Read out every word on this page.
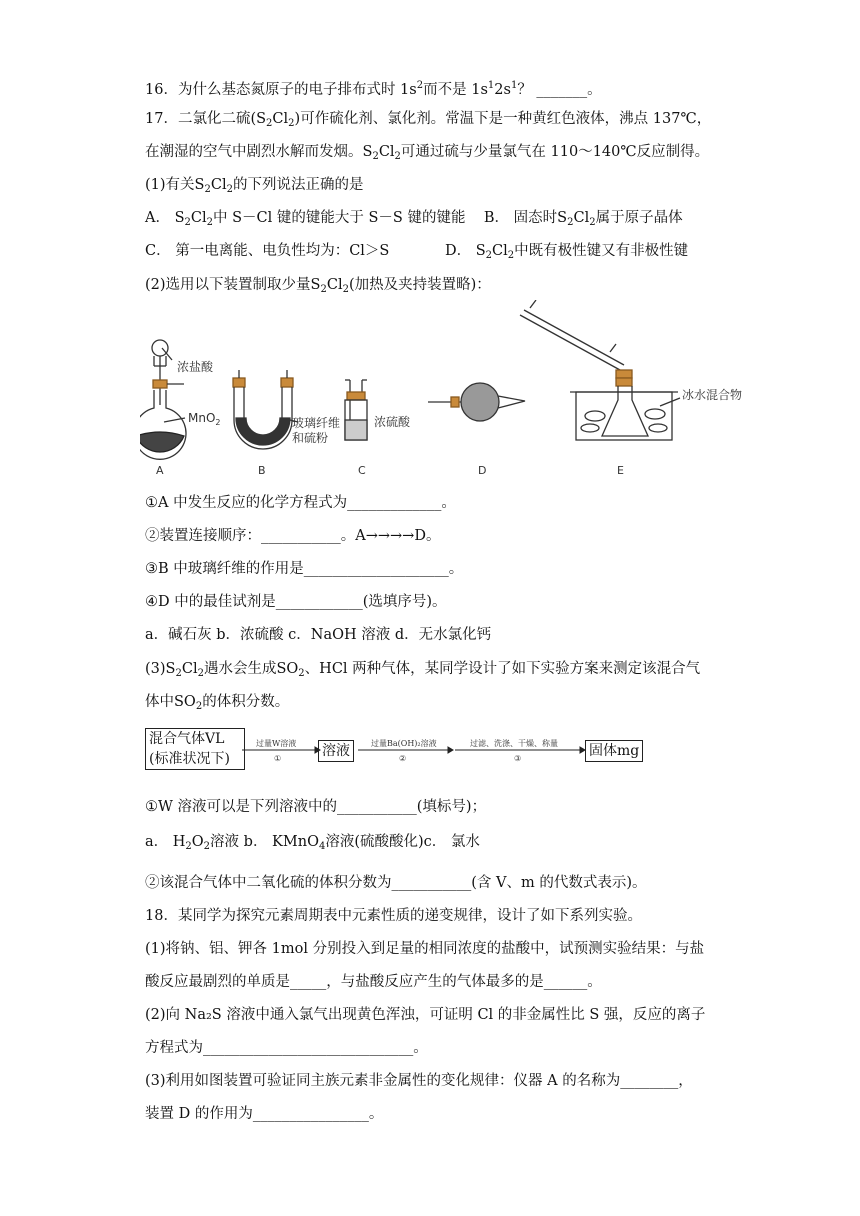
16．为什么基态氮原子的电子排布式时 $1s^2$而不是 $1s^12s^1$？ _______。
17．二氯化二硫$(S_2Cl_2)$可作硫化剂、氯化剂。常温下是一种黄红色液体，沸点 137℃，
在潮湿的空气中剧烈水解而发烟。$S_2Cl_2$可通过硫与少量氯气在 110～140℃反应制得。
(1)有关$S_2Cl_2$的下列说法正确的是
A． $S_2Cl_2$中 S－Cl 键的键能大于 S－S 键的键能 B． 固态时$S_2Cl_2$属于原子晶体
C． 第一电离能、电负性均为：Cl＞S	D． $S_2Cl_2$中既有极性键又有非极性键
(2)选用以下装置制取少量$S_2Cl_2$(加热及夹持装置略)：
浓盐酸
MnO$_2$
A
玻璃纤维
和硫粉
B
浓硫酸
C	D
冰水混合物
E
①A 中发生反应的化学方程式为_____________。
②装置连接顺序：___________。A→→→→D。
③B 中玻璃纤维的作用是____________________。
④D 中的最佳试剂是____________(选填序号)。
a．碱石灰 b．浓硫酸 c．NaOH 溶液 d．无水氯化钙
$(3)S_2Cl_2$遇水会生成$SO_2$、HCl 两种气体，某同学设计了如下实验方案来测定该混合气
体中$SO_2$的体积分数。
混合气体VL
(标准状况下)	溶液	固体mg
过量W溶液
①
过量Ba(OH)₂溶液
②
过滤、洗涤、干燥、称量
③
①W 溶液可以是下列溶液中的___________(填标号)；
a． $H_2O_2$溶液 b． KMnO$_4$溶液(硫酸酸化)c． 氯水
②该混合气体中二氧化硫的体积分数为___________(含 V、m 的代数式表示)。
18．某同学为探究元素周期表中元素性质的递变规律，设计了如下系列实验。
(1)将钠、铝、钾各 1mol 分别投入到足量的相同浓度的盐酸中，试预测实验结果：与盐
酸反应最剧烈的单质是_____，与盐酸反应产生的气体最多的是______。
(2)向 Na₂S 溶液中通入氯气出现黄色浑浊，可证明 Cl 的非金属性比 S 强，反应的离子
方程式为_____________________________。
(3)利用如图装置可验证同主族元素非金属性的变化规律：仪器 A 的名称为________，
装置 D 的作用为________________。
